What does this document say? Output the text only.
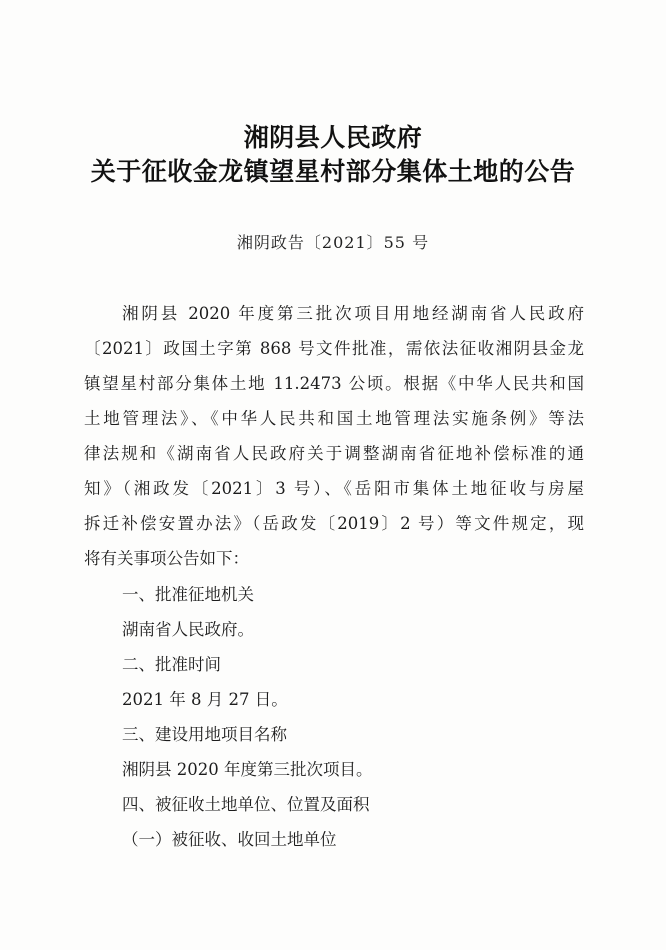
湘阴县人民政府
关于征收金龙镇望星村部分集体土地的公告
湘阴政告〔2021〕55 号
湘阴县 2020 年度第三批次项目用地经湖南省人民政府
〔2021〕政国土字第 868 号文件批准，需依法征收湘阴县金龙
镇望星村部分集体土地 11.2473 公顷。根据《中华人民共和国
土地管理法》、《中华人民共和国土地管理法实施条例》等法
律法规和《湖南省人民政府关于调整湖南省征地补偿标准的通
知》（湘政发〔2021〕3 号）、《岳阳市集体土地征收与房屋
拆迁补偿安置办法》（岳政发〔2019〕2 号）等文件规定，现
将有关事项公告如下：
一、批准征地机关
湖南省人民政府。
二、批准时间
2021 年 8 月 27 日。
三、建设用地项目名称
湘阴县 2020 年度第三批次项目。
四、被征收土地单位、位置及面积
（一）被征收、收回土地单位
